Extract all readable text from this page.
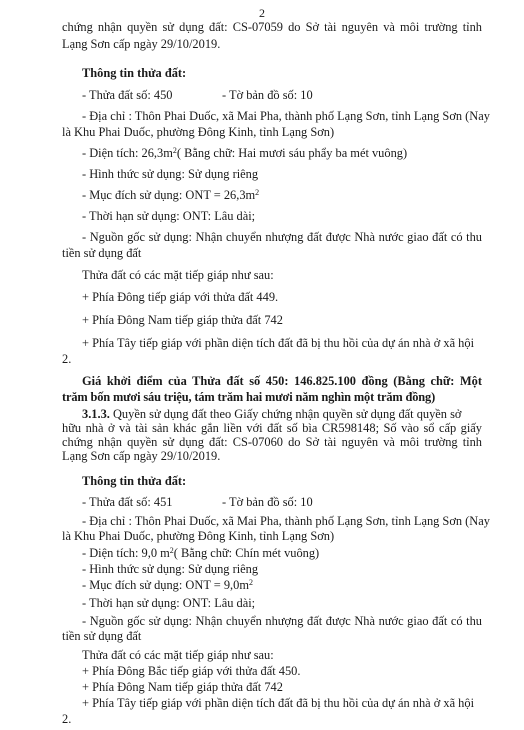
2
chứng nhận quyền sử dụng đất: CS-07059 do Sở tài nguyên và môi trường tỉnh
Lạng Sơn cấp ngày 29/10/2019.
Thông tin thửa đất:
- Thửa đất số: 450	- Tờ bản đồ số: 10
- Địa chỉ : Thôn Phai Duốc, xã Mai Pha, thành phố Lạng Sơn, tỉnh Lạng Sơn (Nay
là Khu Phai Duốc, phường Đông Kinh, tỉnh Lạng Sơn)
- Diện tích: $26,3m^2$( Bằng chữ: Hai mươi sáu phẩy ba mét vuông)
- Hình thức sử dụng: Sử dụng riêng
- Mục đích sử dụng: ONT = $26,3m^2$
- Thời hạn sử dụng: ONT: Lâu dài;
- Nguồn gốc sử dụng: Nhận chuyển nhượng đất được Nhà nước giao đất có thu
tiền sử dụng đất
Thửa đất có các mặt tiếp giáp như sau:
+ Phía Đông tiếp giáp với thửa đất 449.
+ Phía Đông Nam tiếp giáp thửa đất 742
+ Phía Tây tiếp giáp với phần diện tích đất đã bị thu hồi của dự án nhà ở xã hội
2.
Giá khởi điểm của Thửa đất số 450: 146.825.100 đồng (Bằng chữ: Một
trăm bốn mươi sáu triệu, tám trăm hai mươi năm nghìn một trăm đồng)
3.1.3. Quyền sử dụng đất theo Giấy chứng nhận quyền sử dụng đất quyền sở
hữu nhà ở và tài sản khác gắn liền với đất số bìa CR598148; Số vào sổ cấp giấy
chứng nhận quyền sử dụng đất: CS-07060 do Sở tài nguyên và môi trường tỉnh
Lạng Sơn cấp ngày 29/10/2019.
Thông tin thửa đất:
- Thửa đất số: 451	- Tờ bản đồ số: 10
- Địa chỉ : Thôn Phai Duốc, xã Mai Pha, thành phố Lạng Sơn, tỉnh Lạng Sơn (Nay
là Khu Phai Duốc, phường Đông Kinh, tỉnh Lạng Sơn)
- Diện tích: 9,0 $m^2$( Bằng chữ: Chín mét vuông)
- Hình thức sử dụng: Sử dụng riêng
- Mục đích sử dụng: ONT = $9,0m^2$
- Thời hạn sử dụng: ONT: Lâu dài;
- Nguồn gốc sử dụng: Nhận chuyển nhượng đất được Nhà nước giao đất có thu
tiền sử dụng đất
Thửa đất có các mặt tiếp giáp như sau:
+ Phía Đông Bắc tiếp giáp với thửa đất 450.
+ Phía Đông Nam tiếp giáp thửa đất 742
+ Phía Tây tiếp giáp với phần diện tích đất đã bị thu hồi của dự án nhà ở xã hội
2.
